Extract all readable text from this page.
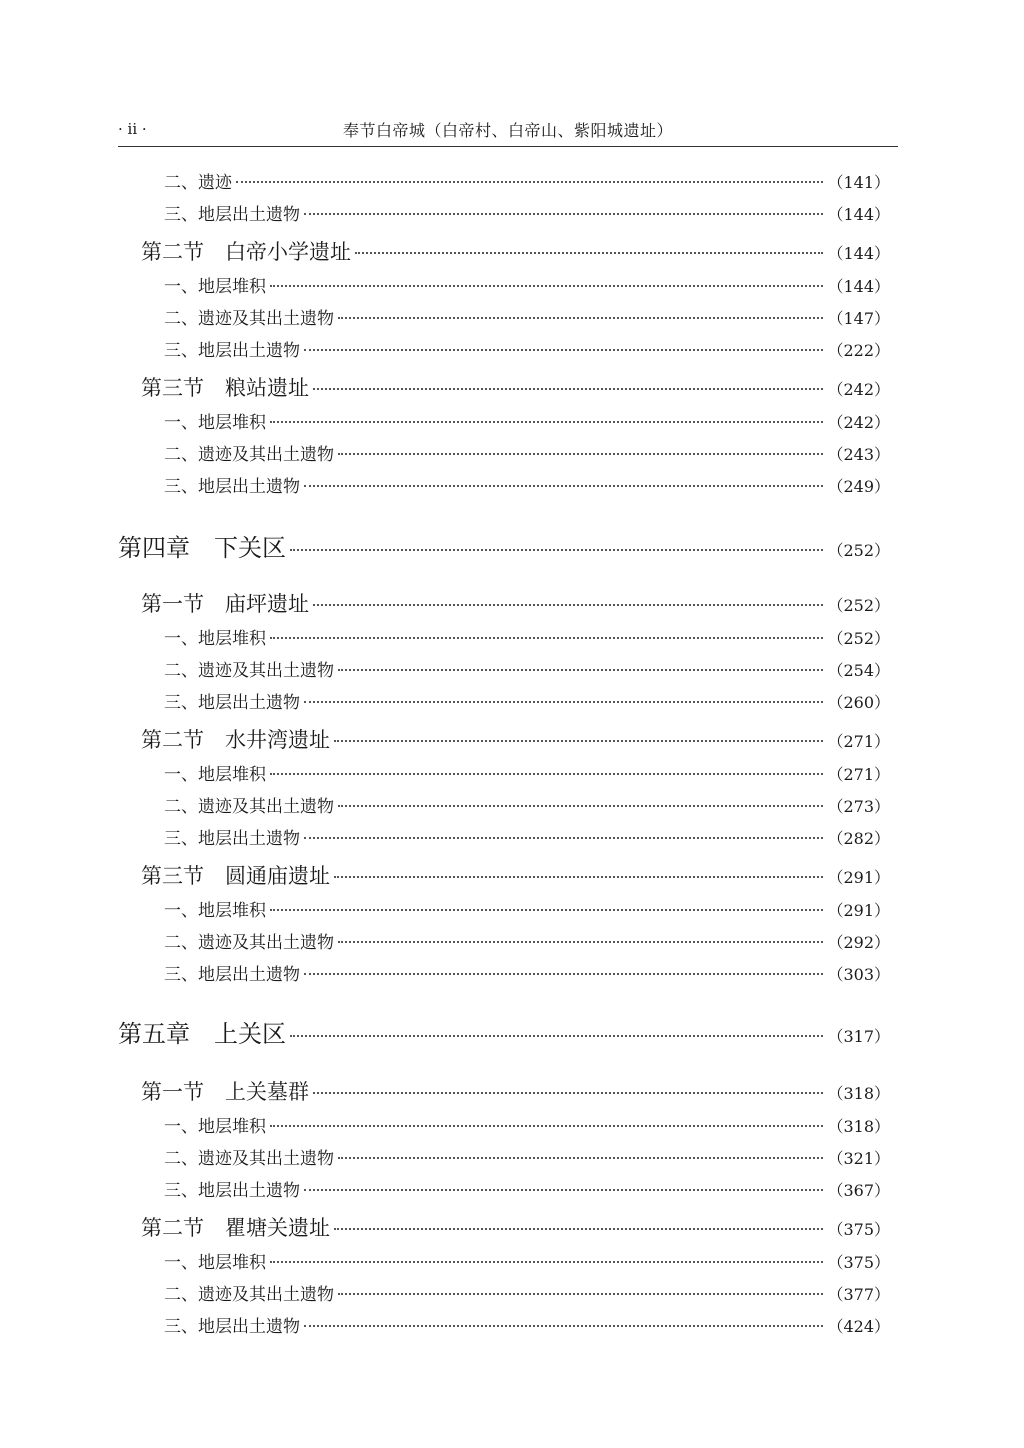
· ii ·	奉节白帝城（白帝村、白帝山、紫阳城遗址）
二、遗迹	（141）
三、地层出土遗物	（144）
第二节　白帝小学遗址	（144）
一、地层堆积	（144）
二、遗迹及其出土遗物	（147）
三、地层出土遗物	（222）
第三节　粮站遗址	（242）
一、地层堆积	（242）
二、遗迹及其出土遗物	（243）
三、地层出土遗物	（249）
第四章　下关区	（252）
第一节　庙坪遗址	（252）
一、地层堆积	（252）
二、遗迹及其出土遗物	（254）
三、地层出土遗物	（260）
第二节　水井湾遗址	（271）
一、地层堆积	（271）
二、遗迹及其出土遗物	（273）
三、地层出土遗物	（282）
第三节　圆通庙遗址	（291）
一、地层堆积	（291）
二、遗迹及其出土遗物	（292）
三、地层出土遗物	（303）
第五章　上关区	（317）
第一节　上关墓群	（318）
一、地层堆积	（318）
二、遗迹及其出土遗物	（321）
三、地层出土遗物	（367）
第二节　瞿塘关遗址	（375）
一、地层堆积	（375）
二、遗迹及其出土遗物	（377）
三、地层出土遗物	（424）
